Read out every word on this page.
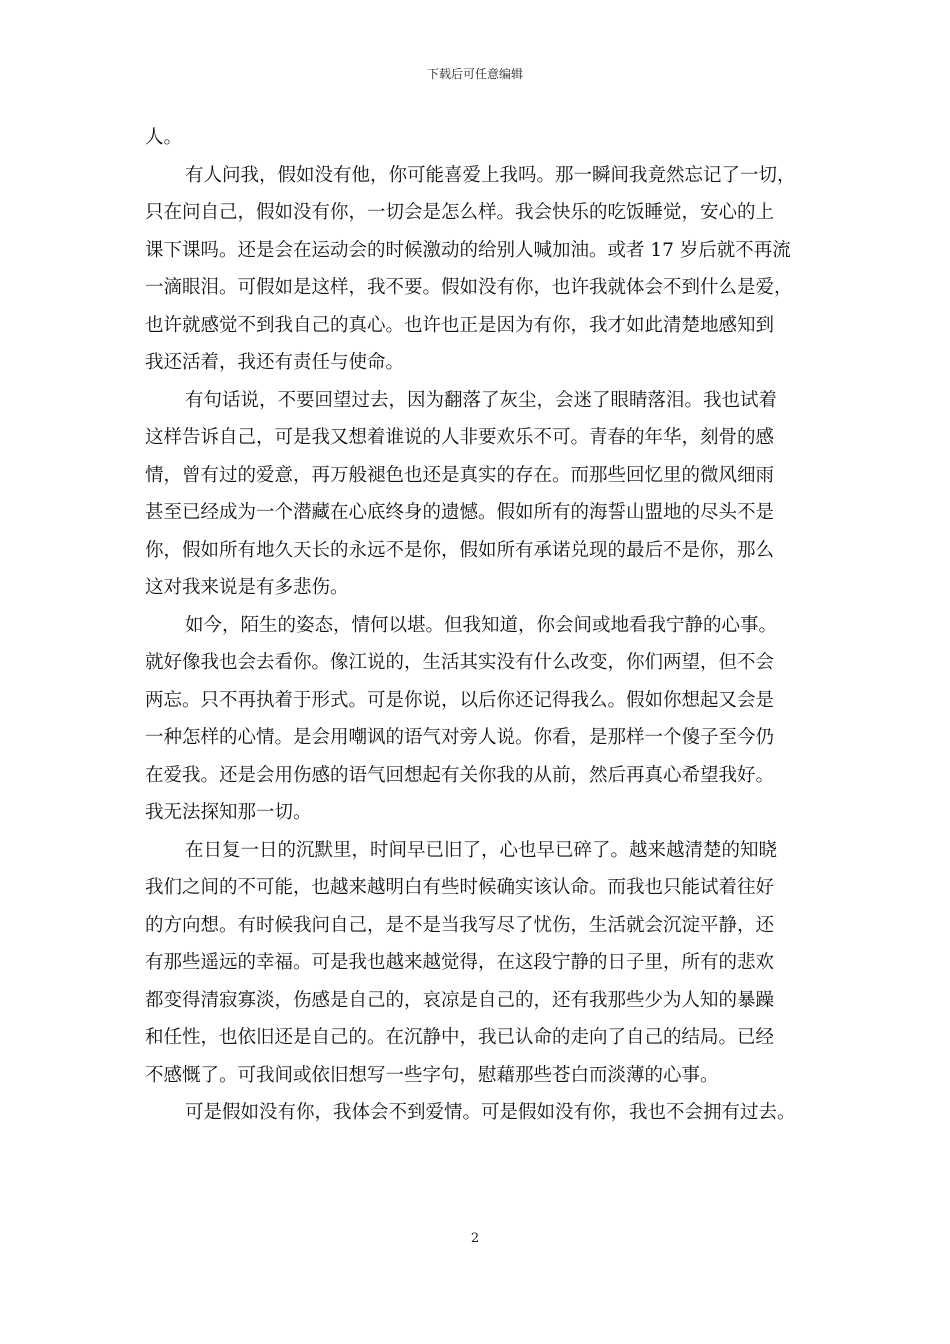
下载后可任意编辑
人。
有人问我，假如没有他，你可能喜爱上我吗。那一瞬间我竟然忘记了一切，
只在问自己，假如没有你，一切会是怎么样。我会快乐的吃饭睡觉，安心的上
课下课吗。还是会在运动会的时候激动的给别人喊加油。或者 17 岁后就不再流
一滴眼泪。可假如是这样，我不要。假如没有你，也许我就体会不到什么是爱，
也许就感觉不到我自己的真心。也许也正是因为有你，我才如此清楚地感知到
我还活着，我还有责任与使命。
有句话说，不要回望过去，因为翻落了灰尘，会迷了眼睛落泪。我也试着
这样告诉自己，可是我又想着谁说的人非要欢乐不可。青春的年华，刻骨的感
情，曾有过的爱意，再万般褪色也还是真实的存在。而那些回忆里的微风细雨
甚至已经成为一个潜藏在心底终身的遗憾。假如所有的海誓山盟地的尽头不是
你，假如所有地久天长的永远不是你，假如所有承诺兑现的最后不是你，那么
这对我来说是有多悲伤。
如今，陌生的姿态，情何以堪。但我知道，你会间或地看我宁静的心事。
就好像我也会去看你。像江说的，生活其实没有什么改变，你们两望，但不会
两忘。只不再执着于形式。可是你说，以后你还记得我么。假如你想起又会是
一种怎样的心情。是会用嘲讽的语气对旁人说。你看，是那样一个傻子至今仍
在爱我。还是会用伤感的语气回想起有关你我的从前，然后再真心希望我好。
我无法探知那一切。
在日复一日的沉默里，时间早已旧了，心也早已碎了。越来越清楚的知晓
我们之间的不可能，也越来越明白有些时候确实该认命。而我也只能试着往好
的方向想。有时候我问自己，是不是当我写尽了忧伤，生活就会沉淀平静，还
有那些遥远的幸福。可是我也越来越觉得，在这段宁静的日子里，所有的悲欢
都变得清寂寡淡，伤感是自己的，哀凉是自己的，还有我那些少为人知的暴躁
和任性，也依旧还是自己的。在沉静中，我已认命的走向了自己的结局。已经
不感慨了。可我间或依旧想写一些字句，慰藉那些苍白而淡薄的心事。
可是假如没有你，我体会不到爱情。可是假如没有你，我也不会拥有过去。
2
